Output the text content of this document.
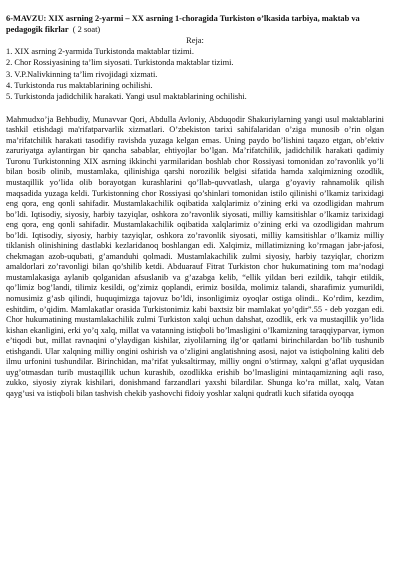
6-MAVZU: XIX asrning 2-yarmi – XX asrning 1-choragida Turkiston o’lkasida tarbiya, maktab va pedagogik fikrlar ( 2 soat)

Reja:

1. XIX asrning 2-yarmida Turkistonda maktablar tizimi.
2. Chor Rossiyasining ta’lim siyosati. Turkistonda maktablar tizimi.
3. V.P.Nalivkinning ta’lim rivojidagi xizmati.
4. Turkistonda rus maktablarining ochilishi.
5. Turkistonda jadidchilik harakati. Yangi usul maktablarining ochilishi.

Mahmudxo’ja Behbudiy, Munavvar Qori, Abdulla Avloniy, Abduqodir Shakuriylarning yangi usul maktablarini tashkil etishdagi ma'rifatparvarlik xizmatlari. O’zbekiston tarixi sahifalaridan o’ziga munosib o’rin olgan ma’rifatchilik harakati tasodifiy ravishda yuzaga kelgan emas. Uning paydo bo’lishini taqazo etgan, ob’ektiv zaruriyatga aylantirgan bir qancha sabablar, ehtiyojlar bo’lgan. Ma’rifatchilik, jadidchilik harakati qadimiy Turonu Turkistonning XIX asrning ikkinchi yarmilaridan boshlab chor Rossiyasi tomonidan zo’ravonlik yo’li bilan bosib olinib, mustamlaka, qilinishiga qarshi norozilik belgisi sifatida hamda xalqimizning ozodlik, mustaqillik yo’lida olib borayotgan kurashlarini qo’llab-quvvatlash, ularga g’oyaviy rahnamolik qilish maqsadida yuzaga keldi. Turkistonning chor Rossiyasi qo’shinlari tomonidan istilo qilinishi o’lkamiz tarixidagi eng qora, eng qonli sahifadir. Mustamlakachilik oqibatida xalqlarimiz o’zining erki va ozodligidan mahrum bo’ldi. Iqtisodiy, siyosiy, harbiy tazyiqlar, oshkora zo’ravonlik siyosati, milliy kamsitishlar o’lkamiz tarixidagi eng qora, eng qonli sahifadir. Mustamlakachilik oqibatida xalqlarimiz o’zining erki va ozodligidan mahrum bo’ldi. Iqtisodiy, siyosiy, harbiy tazyiqlar, oshkora zo’ravonlik siyosati, milliy kamsitishlar o’lkamiz milliy tiklanish olinishining dastlabki kezlaridanoq boshlangan edi. Xalqimiz, millatimizning ko’rmagan jabr-jafosi, chekmagan azob-uqubati, g’amanduhi qolmadi. Mustamlakachilik zulmi siyosiy, harbiy tazyiqlar, chorizm amaldorlari zo’ravonligi bilan qo’shilib ketdi. Abduarauf Fitrat Turkiston chor hukumatining tom ma’nodagi mustamlakasiga aylanib qolganidan afsuslanib va g’azabga kelib, “ellik yildan beri ezildik, tahqir etildik, qo’limiz bog’landi, tilimiz kesildi, og’zimiz qoplandi, erimiz bosilda, molimiz talandi, sharafimiz yumurildi, nomusimiz g’asb qilindi, huquqimizga tajovuz bo’ldi, insonligimiz oyoqlar ostiga olindi.. Ko’rdim, kezdim, eshitdim, o’qidim. Mamlakatlar orasida Turkistonimiz kabi baxtsiz bir mamlakat yo’qdir”.55 - deb yozgan edi. Chor hukumatining mustamlakachilik zulmi Turkiston xalqi uchun dahshat, ozodlik, erk va mustaqillik yo’lida kishan ekanligini, erki yo’q xalq, millat va vatanning istiqboli bo’lmasligini o’lkamizning taraqqiyparvar, iymon e’tiqodi but, millat ravnaqini o’ylaydigan kishilar, ziyolilarning ilg’or qatlami birinchilardan bo’lib tushunib etishgandi. Ular xalqning milliy ongini oshirish va o’zligini anglatishning asosi, najot va istiqbolning kaliti deb ilmu urfonini tushundilar. Birinchidan, ma’rifat yuksaltirmay, milliy ongni o’stirmay, xalqni g’aflat uyqusidan uyg’otmasdan turib mustaqillik uchun kurashib, ozodlikka erishib bo’lmasligini mintaqamizning aqli raso, zukko, siyosiy ziyrak kishilari, donishmand farzandlari yaxshi bilardilar. Shunga ko’ra millat, xalq, Vatan qayg’usi va istiqboli bilan tashvish chekib yashovchi fidoiy yoshlar xalqni qudratli kuch sifatida oyoqqa
